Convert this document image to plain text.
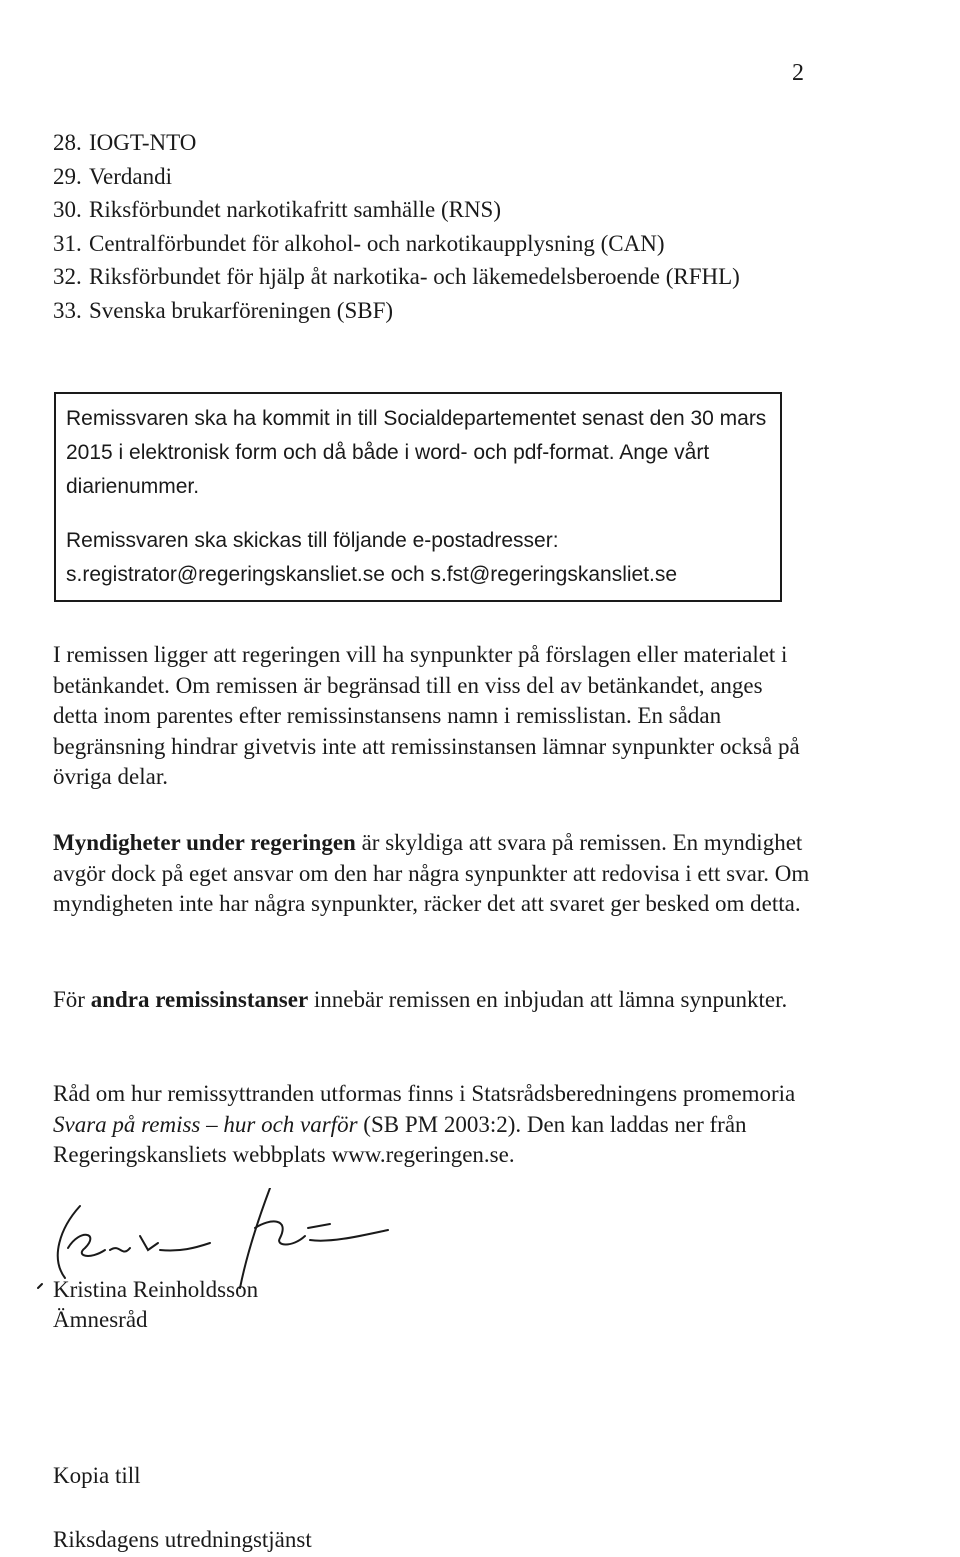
2
28. IOGT-NTO
29. Verdandi
30. Riksförbundet narkotikafritt samhälle (RNS)
31. Centralförbundet för alkohol- och narkotikaupplysning (CAN)
32. Riksförbundet för hjälp åt narkotika- och läkemedelsberoende (RFHL)
33. Svenska brukarföreningen (SBF)

Remissvaren ska ha kommit in till Socialdepartementet senast den 30 mars 2015 i elektronisk form och då både i word- och pdf-format. Ange vårt diarienummer.

Remissvaren ska skickas till följande e-postadresser:
s.registrator@regeringskansliet.se och s.fst@regeringskansliet.se

I remissen ligger att regeringen vill ha synpunkter på förslagen eller materialet i betänkandet. Om remissen är begränsad till en viss del av betänkandet, anges detta inom parentes efter remissinstansens namn i remisslistan. En sådan begränsning hindrar givetvis inte att remissinstansen lämnar synpunkter också på övriga delar.

Myndigheter under regeringen är skyldiga att svara på remissen. En myndighet avgör dock på eget ansvar om den har några synpunkter att redovisa i ett svar. Om myndigheten inte har några synpunkter, räcker det att svaret ger besked om detta.

För andra remissinstanser innebär remissen en inbjudan att lämna synpunkter.

Råd om hur remissyttranden utformas finns i Statsrådsberedningens promemoria Svara på remiss – hur och varför (SB PM 2003:2). Den kan laddas ner från Regeringskansliets webbplats www.regeringen.se.

Kristina Reinholdsson
Ämnesråd
Kopia till
Riksdagens utredningstjänst
